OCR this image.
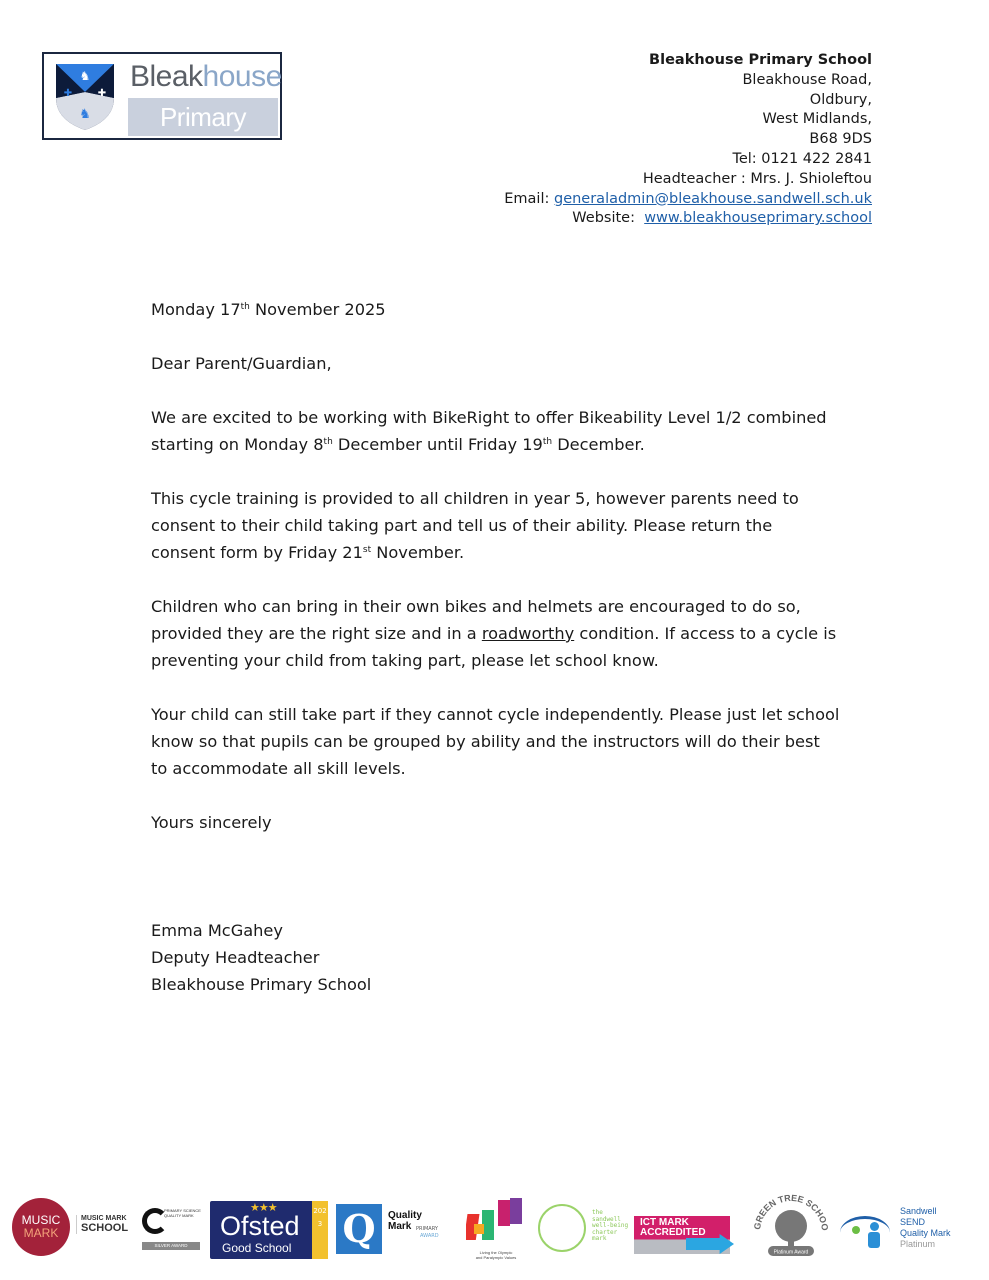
♞
✚	✚
♞
Bleakhouse
Primary School
Bleakhouse Primary School
Bleakhouse Road,
Oldbury,
West Midlands,
B68 9DS
Tel: 0121 422 2841
Headteacher : Mrs. J. Shioleftou
Email: generaladmin@bleakhouse.sandwell.sch.uk
Website:  www.bleakhouseprimary.school

Monday 17th November 2025

Dear Parent/Guardian,

We are excited to be working with BikeRight to offer Bikeability Level 1/2 combined starting on Monday 8th December until Friday 19th December.

This cycle training is provided to all children in year 5, however parents need to consent to their child taking part and tell us of their ability. Please return the consent form by Friday 21st November.

Children who can bring in their own bikes and helmets are encouraged to do so, provided they are the right size and in a roadworthy condition. If access to a cycle is preventing your child from taking part, please let school know.

Your child can still take part if they cannot cycle independently. Please just let school know so that pupils can be grouped by ability and the instructors will do their best to accommodate all skill levels.

Yours sincerely

Emma McGahey
Deputy Headteacher
Bleakhouse Primary School
MUSIC
MARK
MUSIC MARK
SCHOOL
PRIMARY SCIENCE QUALITY MARK
SILVER AWARD
★★★
Ofsted
Good School
2023 Q	Quality Mark PRIMARY
AWARD
Living the Olympic
and Paralympic Values
the
sandwell
well-being
charter
mark
ICT MARK
ACCREDITED
GREEN TREE SCHOO
Platinum Award
Sandwell
SEND
Quality Mark
Platinum
